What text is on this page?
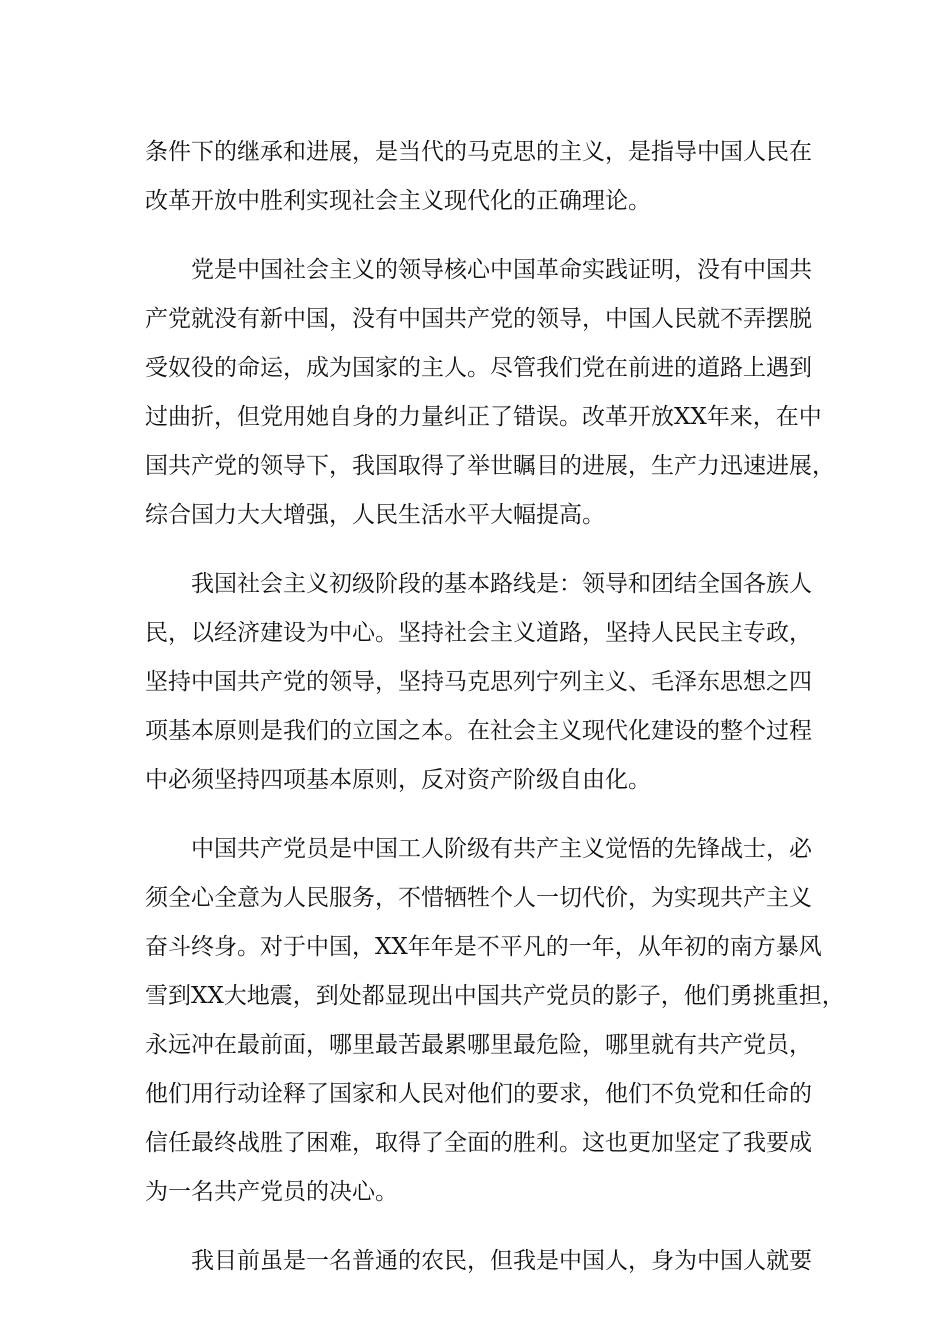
条件下的继承和进展，是当代的马克思的主义，是指导中国人民在
改革开放中胜利实现社会主义现代化的正确理论。
党是中国社会主义的领导核心中国革命实践证明，没有中国共
产党就没有新中国，没有中国共产党的领导，中国人民就不弄摆脱
受奴役的命运，成为国家的主人。尽管我们党在前进的道路上遇到
过曲折，但党用她自身的力量纠正了错误。改革开放XX年来，在中
国共产党的领导下，我国取得了举世瞩目的进展，生产力迅速进展，
综合国力大大增强，人民生活水平大幅提高。
我国社会主义初级阶段的基本路线是：领导和团结全国各族人
民，以经济建设为中心。坚持社会主义道路，坚持人民民主专政，
坚持中国共产党的领导，坚持马克思列宁列主义、毛泽东思想之四
项基本原则是我们的立国之本。在社会主义现代化建设的整个过程
中必须坚持四项基本原则，反对资产阶级自由化。
中国共产党员是中国工人阶级有共产主义觉悟的先锋战士，必
须全心全意为人民服务，不惜牺牲个人一切代价，为实现共产主义
奋斗终身。对于中国，XX年年是不平凡的一年，从年初的南方暴风
雪到XX大地震，到处都显现出中国共产党员的影子，他们勇挑重担，
永远冲在最前面，哪里最苦最累哪里最危险，哪里就有共产党员，
他们用行动诠释了国家和人民对他们的要求，他们不负党和任命的
信任最终战胜了困难，取得了全面的胜利。这也更加坚定了我要成
为一名共产党员的决心。
我目前虽是一名普通的农民，但我是中国人，身为中国人就要
